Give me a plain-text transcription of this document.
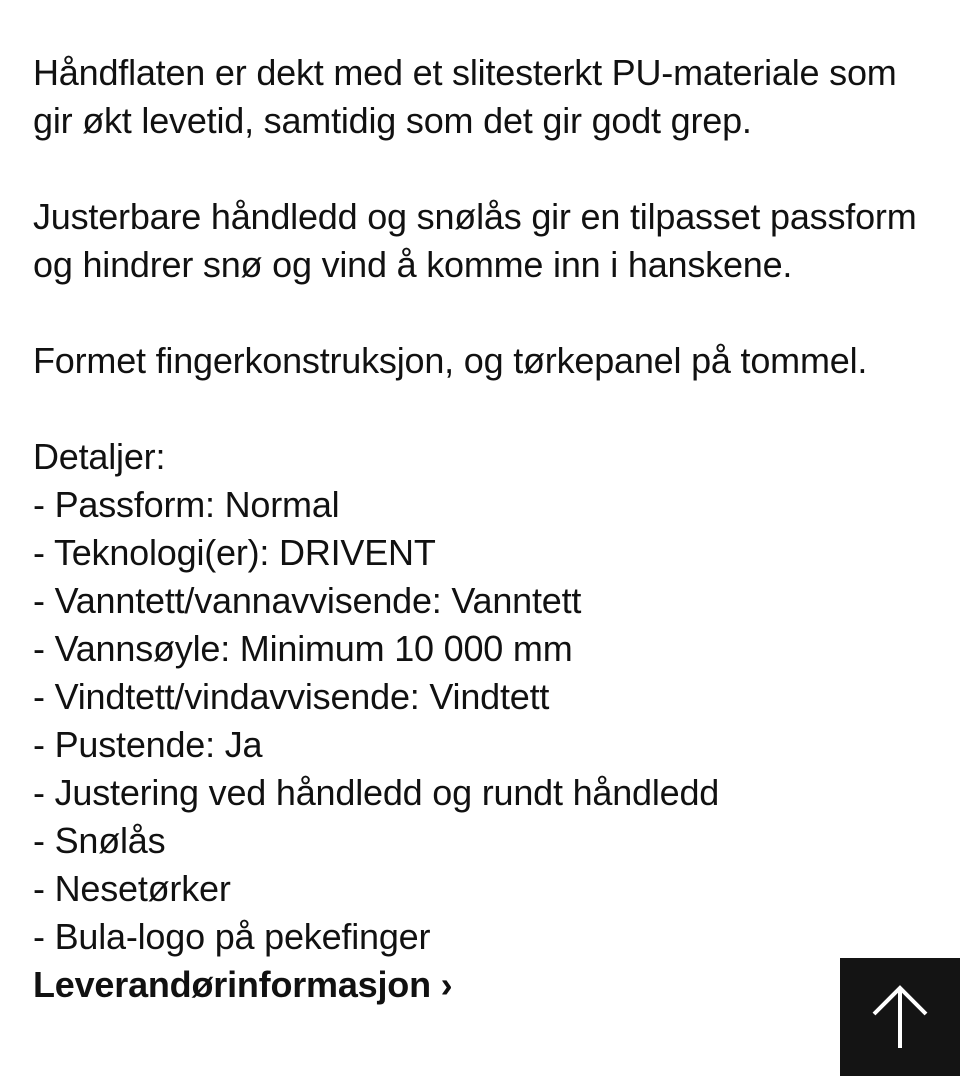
Håndflaten er dekt med et slitesterkt PU-materiale som gir økt levetid, samtidig som det gir godt grep.

Justerbare håndledd og snølås gir en tilpasset passform og hindrer snø og vind å komme inn i hanskene.

Formet fingerkonstruksjon, og tørkepanel på tommel.

Detaljer:

- Passform: Normal
- Teknologi(er): DRIVENT
- Vanntett/vannavvisende: Vanntett
- Vannsøyle: Minimum 10 000 mm
- Vindtett/vindavvisende: Vindtett
- Pustende: Ja
- Justering ved håndledd og rundt håndledd
- Snølås
- Nesetørker
- Bula-logo på pekefinger
Leverandørinformasjon ›
